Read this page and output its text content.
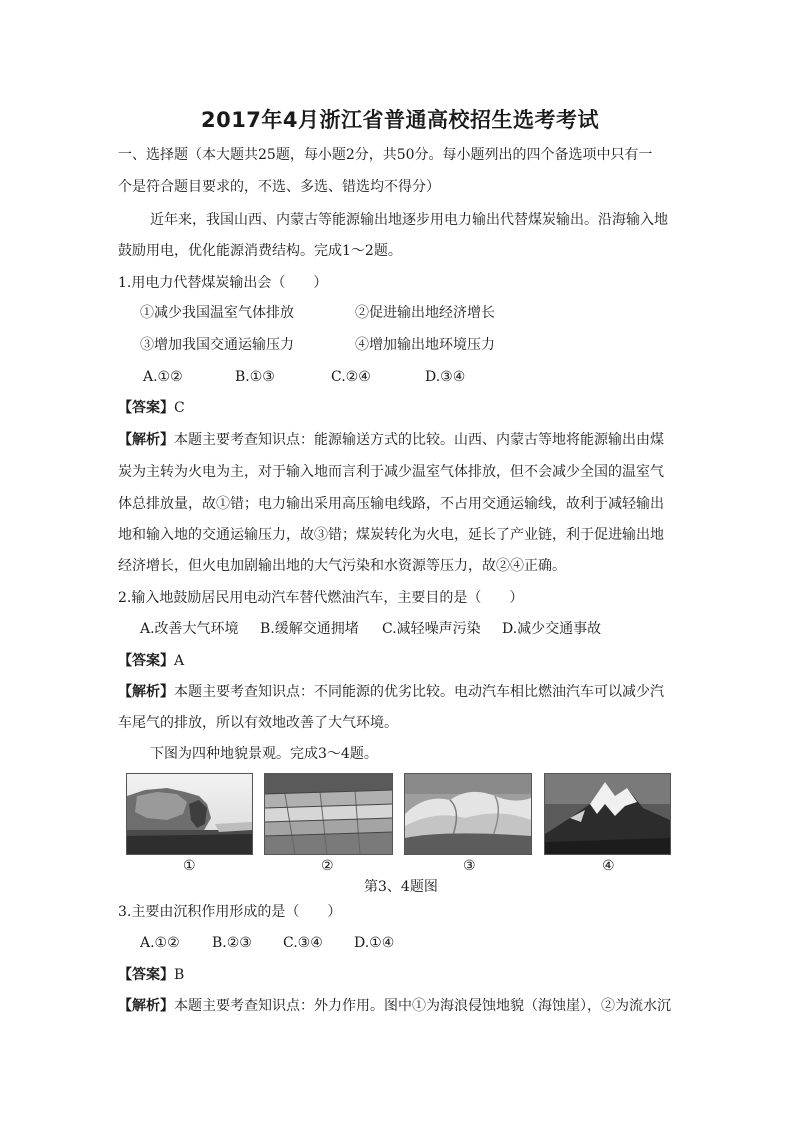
2017年4月浙江省普通高校招生选考考试
一、选择题（本大题共25题，每小题2分，共50分。每小题列出的四个备选项中只有一
个是符合题目要求的，不选、多选、错选均不得分）
近年来，我国山西、内蒙古等能源输出地逐步用电力输出代替煤炭输出。沿海输入地
鼓励用电，优化能源消费结构。完成1～2题。
1.用电力代替煤炭输出会（　　）
①减少我国温室气体排放	②促进输出地经济增长
③增加我国交通运输压力	④增加输出地环境压力
A.①②	B.①③	C.②④	D.③④
【答案】C
【解析】本题主要考查知识点：能源输送方式的比较。山西、内蒙古等地将能源输出由煤
炭为主转为火电为主，对于输入地而言利于减少温室气体排放，但不会减少全国的温室气
体总排放量，故①错；电力输出采用高压输电线路，不占用交通运输线，故利于减轻输出
地和输入地的交通运输压力，故③错；煤炭转化为火电，延长了产业链，利于促进输出地
经济增长，但火电加剧输出地的大气污染和水资源等压力，故②④正确。
2.输入地鼓励居民用电动汽车替代燃油汽车，主要目的是（　　）
A.改善大气环境 B.缓解交通拥堵 C.减轻噪声污染 D.减少交通事故
【答案】A
【解析】本题主要考查知识点：不同能源的优劣比较。电动汽车相比燃油汽车可以减少汽
车尾气的排放，所以有效地改善了大气环境。
下图为四种地貌景观。完成3～4题。
①	②	③	④
第3、4题图
3.主要由沉积作用形成的是（　　）
A.①② B.②③ C.③④ D.①④
【答案】B
【解析】本题主要考查知识点：外力作用。图中①为海浪侵蚀地貌（海蚀崖），②为流水沉
